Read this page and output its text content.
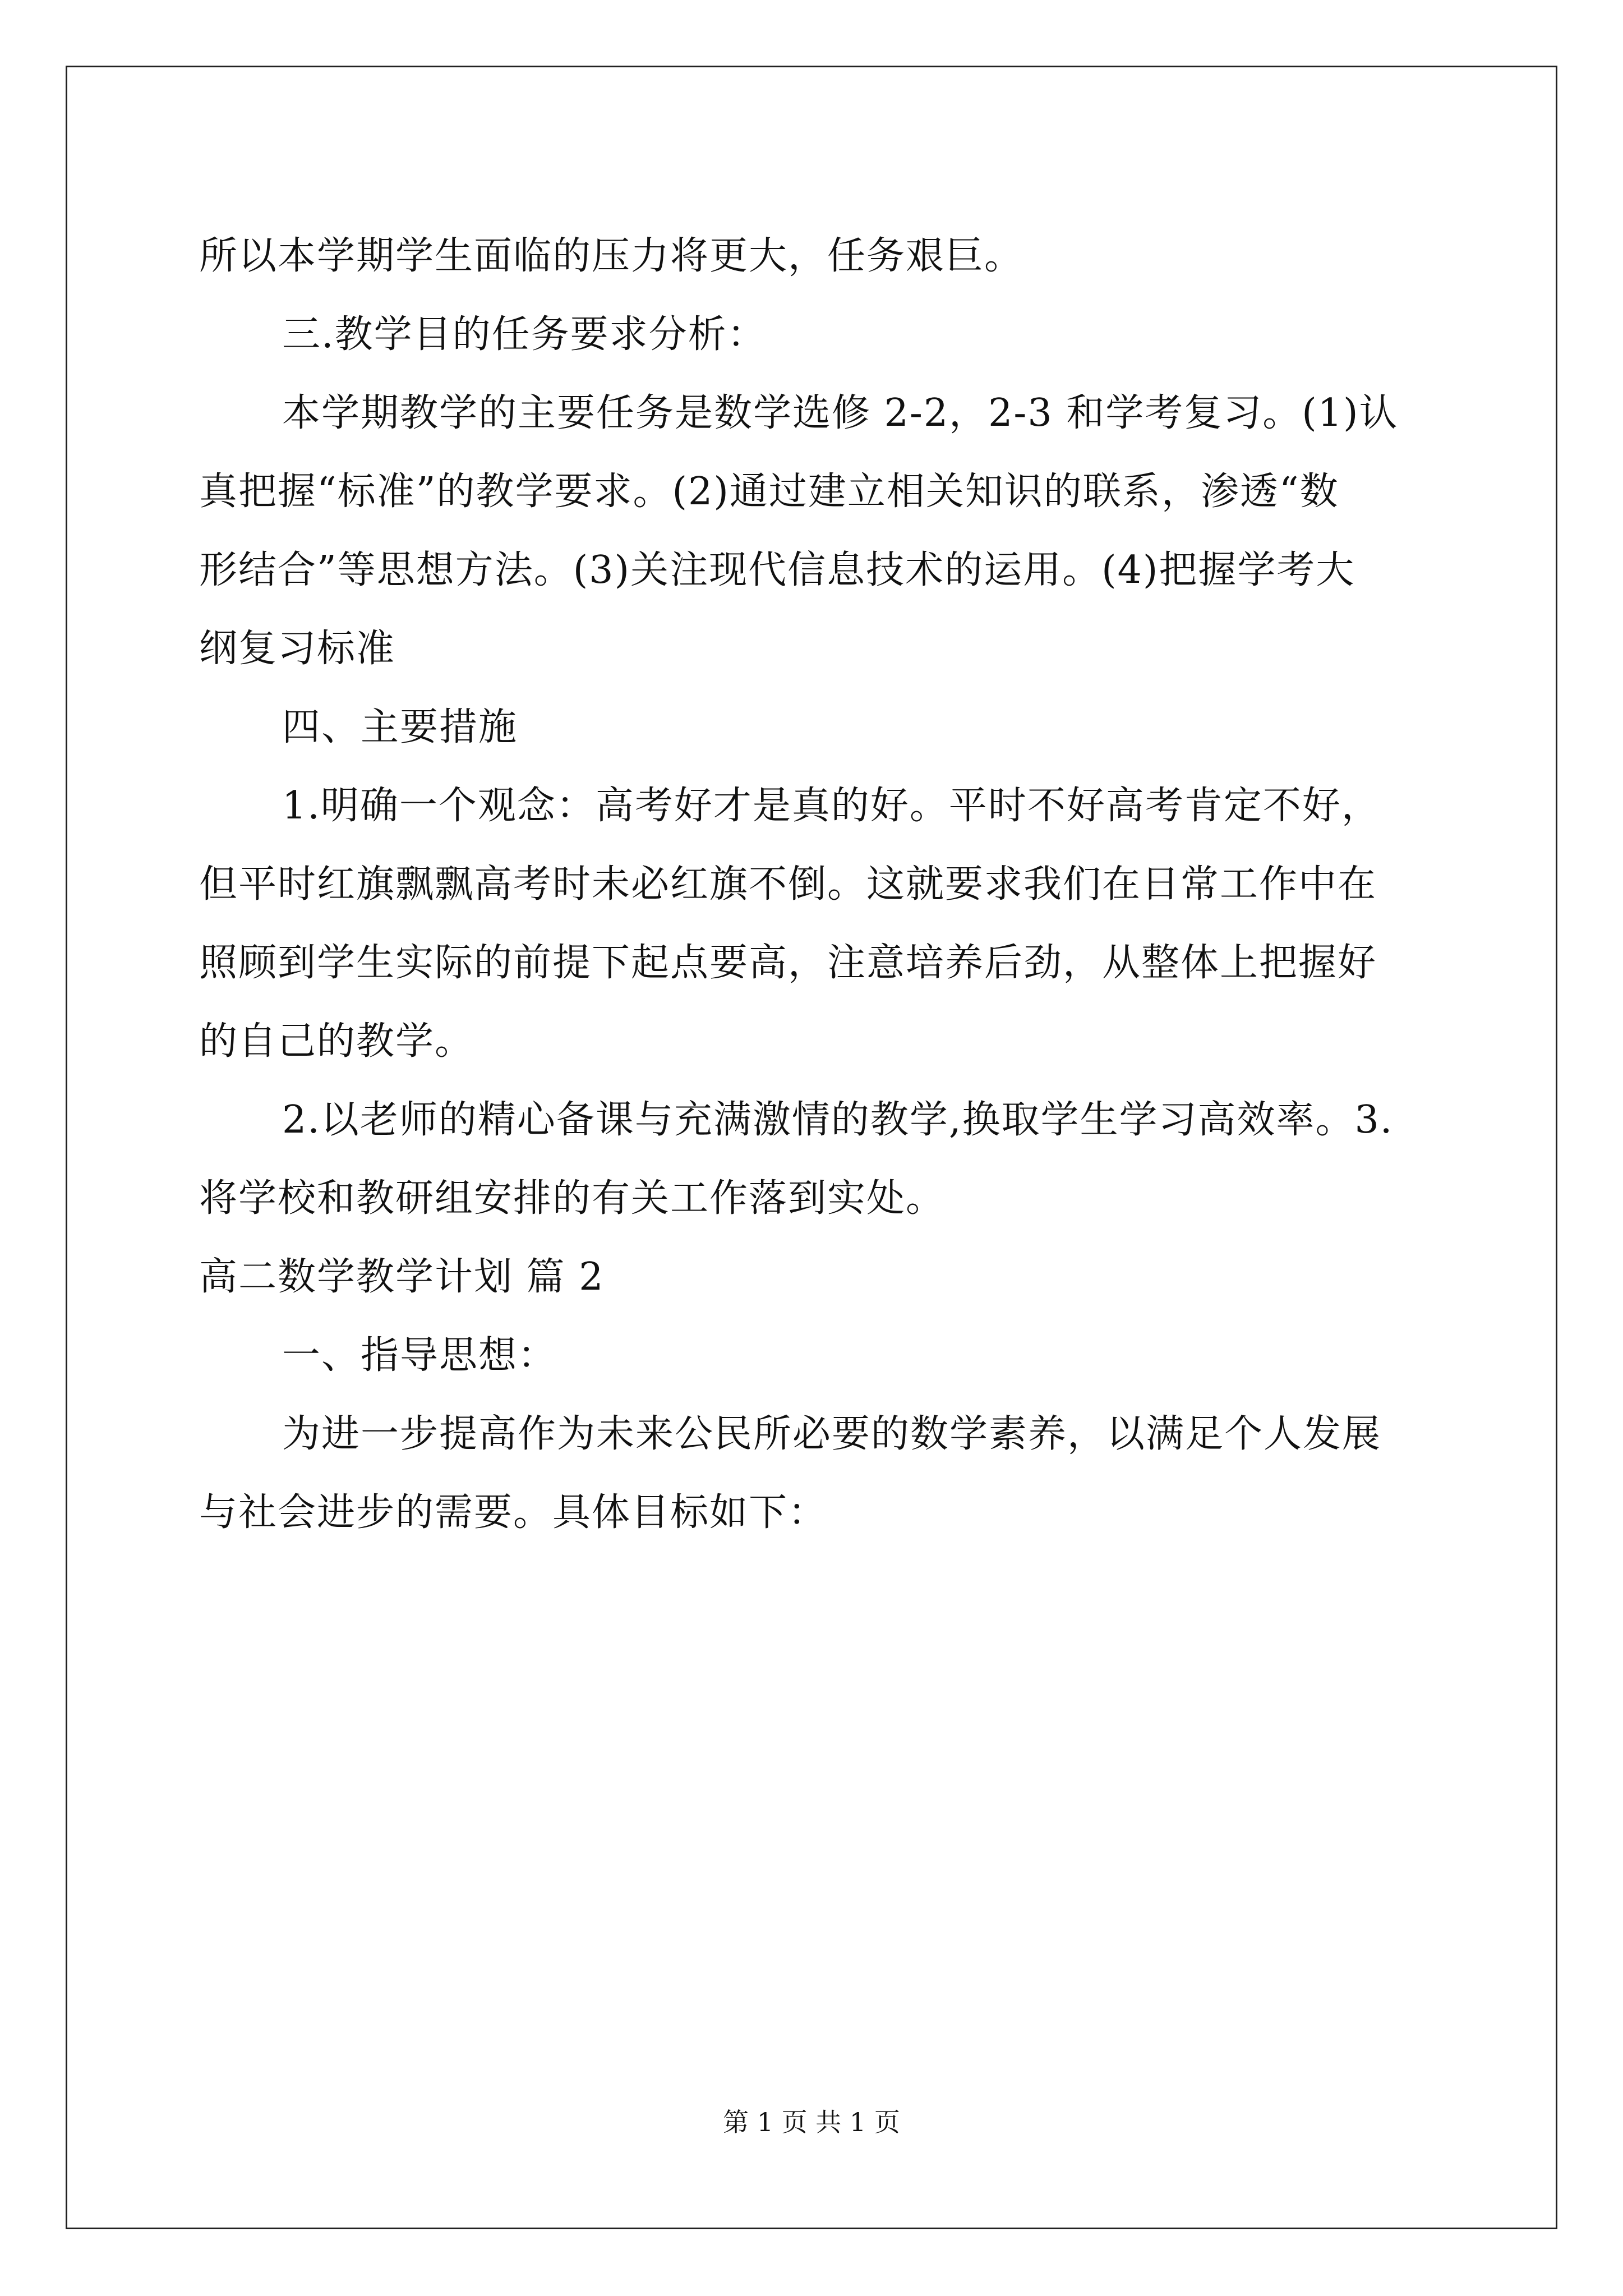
所以本学期学生面临的压力将更大，任务艰巨。
三.教学目的任务要求分析：
本学期教学的主要任务是数学选修 2-2，2-3 和学考复习。(1)认
真把握“标准”的教学要求。(2)通过建立相关知识的联系，渗透“数
形结合”等思想方法。(3)关注现代信息技术的运用。(4)把握学考大
纲复习标准
四、主要措施
1.明确一个观念：高考好才是真的好。平时不好高考肯定不好，
但平时红旗飘飘高考时未必红旗不倒。这就要求我们在日常工作中在
照顾到学生实际的前提下起点要高，注意培养后劲，从整体上把握好
的自己的教学。
2.以老师的精心备课与充满激情的教学,换取学生学习高效率。3.
将学校和教研组安排的有关工作落到实处。
高二数学教学计划 篇 2
一、指导思想：
为进一步提高作为未来公民所必要的数学素养，以满足个人发展
与社会进步的需要。具体目标如下：
第 1 页 共 1 页
